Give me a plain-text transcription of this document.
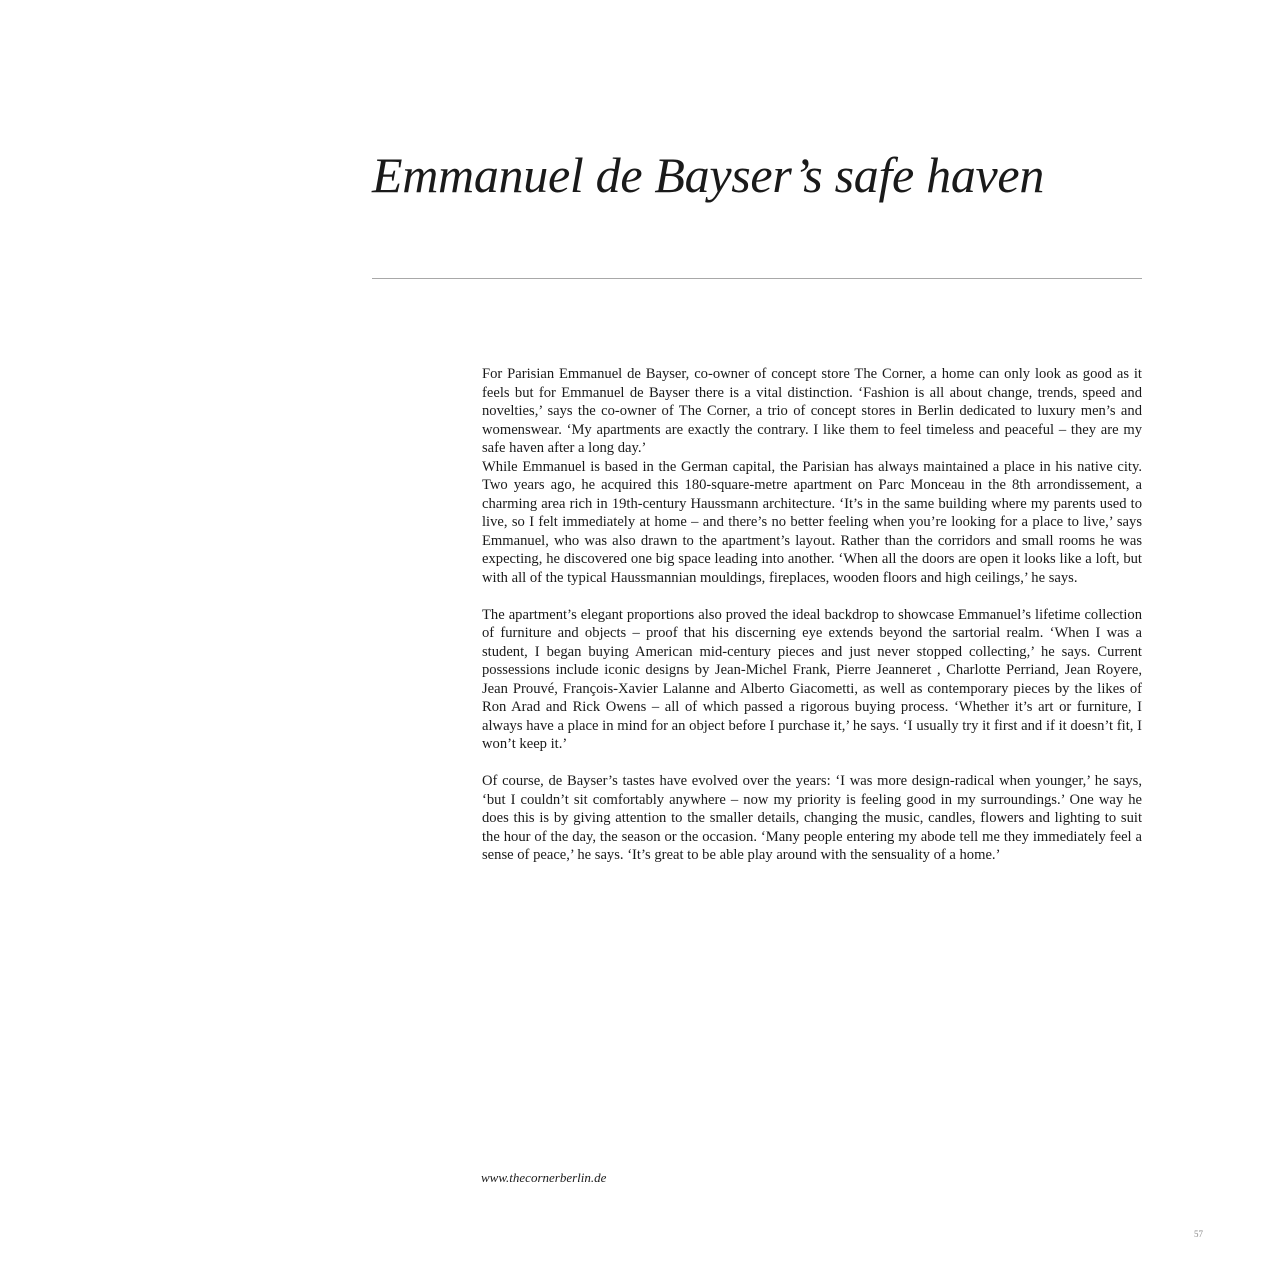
Emmanuel de Bayser’s safe haven

For Parisian Emmanuel de Bayser, co-owner of concept store The Corner, a home can only look as good as it feels but for Emmanuel de Bayser there is a vital distinction. ‘Fashion is all about change, trends, speed and novelties,’ says the co-owner of The Corner, a trio of concept stores in Berlin dedicated to luxury men’s and womenswear. ‘My apartments are exactly the contrary. I like them to feel timeless and peaceful – they are my safe haven after a long day.’

While Emmanuel is based in the German capital, the Parisian has always maintained a place in his native city. Two years ago, he acquired this 180-square-metre apartment on Parc Monceau in the 8th arrondissement, a charming area rich in 19th-century Haussmann architecture. ‘It’s in the same building where my parents used to live, so I felt immediately at home – and there’s no better feeling when you’re looking for a place to live,’ says Emmanuel, who was also drawn to the apartment’s layout. Rather than the corridors and small rooms he was expecting, he discovered one big space leading into another. ‘When all the doors are open it looks like a loft, but with all of the typical Haussmannian mouldings, fireplaces, wooden floors and high ceilings,’ he says.

The apartment’s elegant proportions also proved the ideal backdrop to showcase Emmanuel’s lifetime collection of furniture and objects – proof that his discerning eye extends beyond the sartorial realm. ‘When I was a student, I began buying American mid-century pieces and just never stopped collecting,’ he says. Current possessions include iconic designs by Jean-Michel Frank, Pierre Jeanneret , Charlotte Perriand, Jean Royere, Jean Prouvé, François-Xavier Lalanne and Alberto Giacometti, as well as contemporary pieces by the likes of Ron Arad and Rick Owens – all of which passed a rigorous buying process. ‘Whether it’s art or furniture, I always have a place in mind for an object before I purchase it,’ he says. ‘I usually try it first and if it doesn’t fit, I won’t keep it.’

Of course, de Bayser’s tastes have evolved over the years: ‘I was more design-radical when younger,’ he says, ‘but I couldn’t sit comfortably anywhere – now my priority is feeling good in my surroundings.’ One way he does this is by giving attention to the smaller details, changing the music, candles, flowers and lighting to suit the hour of the day, the season or the occasion. ‘Many people entering my abode tell me they immediately feel a sense of peace,’ he says. ‘It’s great to be able play around with the sensuality of a home.’

www.thecornerberlin.de
57
